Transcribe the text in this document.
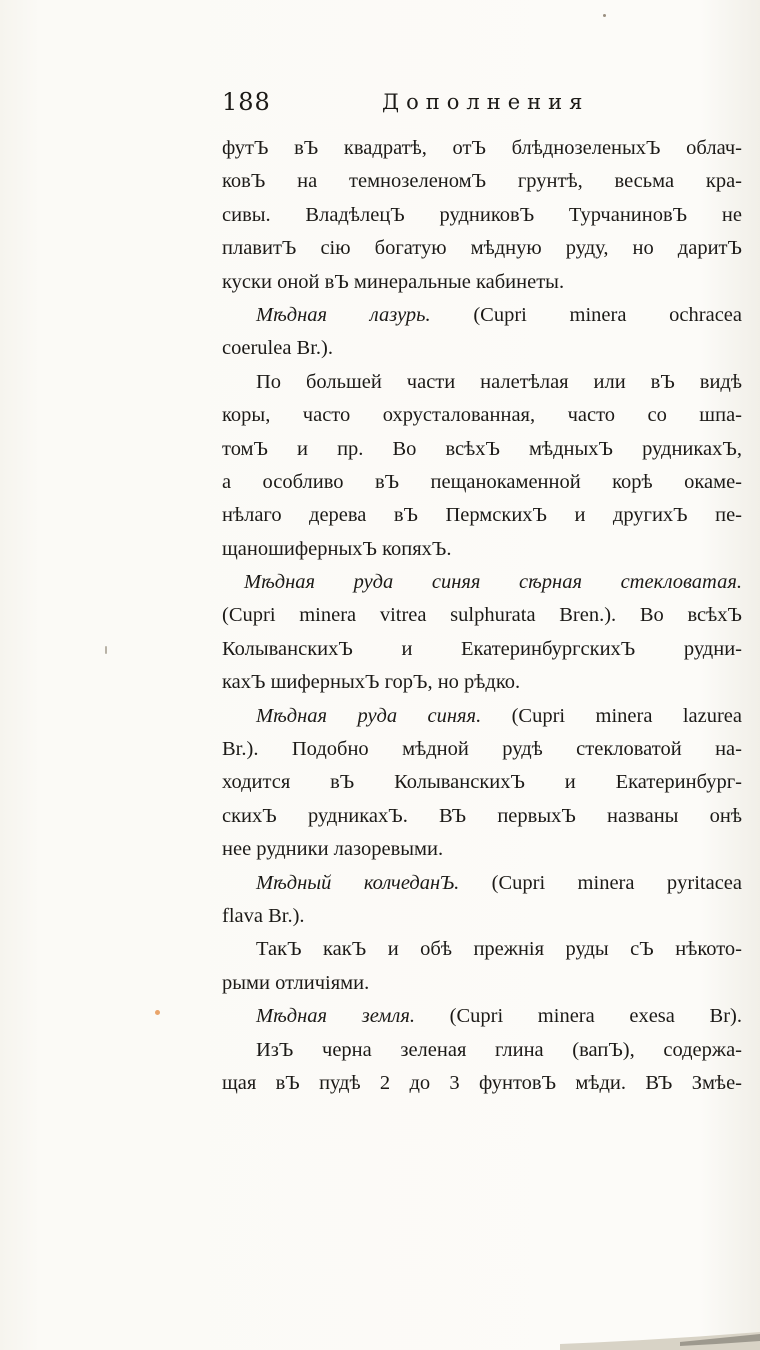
188	Дополнения
футЪ вЪ квадратѣ, отЪ блѣднозеленыхЪ облач-
ковЪ на темнозеленомЪ грунтѣ, весьма кра-
сивы. ВладѣлецЪ рудниковЪ ТурчаниновЪ не
плавитЪ сію богатую мѣдную руду, но даритЪ
куски оной вЪ минеральные кабинеты.
Мѣдная лазурь. (Cupri minera ochracea
coerulea Br.).
По большей части налетѣлая или вЪ видѣ
коры, часто охрусталованная, часто со шпа-
томЪ и пр. Во всѣхЪ мѣдныхЪ рудникахЪ,
а особливо вЪ пещанокаменной корѣ окаме-
нѣлаго дерева вЪ ПермскихЪ и другихЪ пе-
щаношиферныхЪ копяхЪ.
Мѣдная руда синяя сѣрная стекловатая.
(Cupri minera vitrea sulphurata Bren.). Во всѣхЪ
КолыванскихЪ и ЕкатеринбургскихЪ рудни-
кахЪ шиферныхЪ горЪ, но рѣдко.
Мѣдная руда синяя. (Cupri minera lazurea
Br.). Подобно мѣдной рудѣ стекловатой на-
ходится вЪ КолыванскихЪ и Екатеринбург-
скихЪ рудникахЪ. ВЪ первыхЪ названы онѣ
нее рудники лазоревыми.
Мѣдный колчеданЪ. (Cupri minera pyritacea
flava Br.).
ТакЪ какЪ и обѣ прежнія руды сЪ нѣкото-
рыми отличіями.
Мѣдная земля. (Cupri minera exesa Br).
ИзЪ черна зеленая глина (вапЪ), содержа-
щая вЪ пудѣ 2 до 3 фунтовЪ мѣди. ВЪ Змѣе-
